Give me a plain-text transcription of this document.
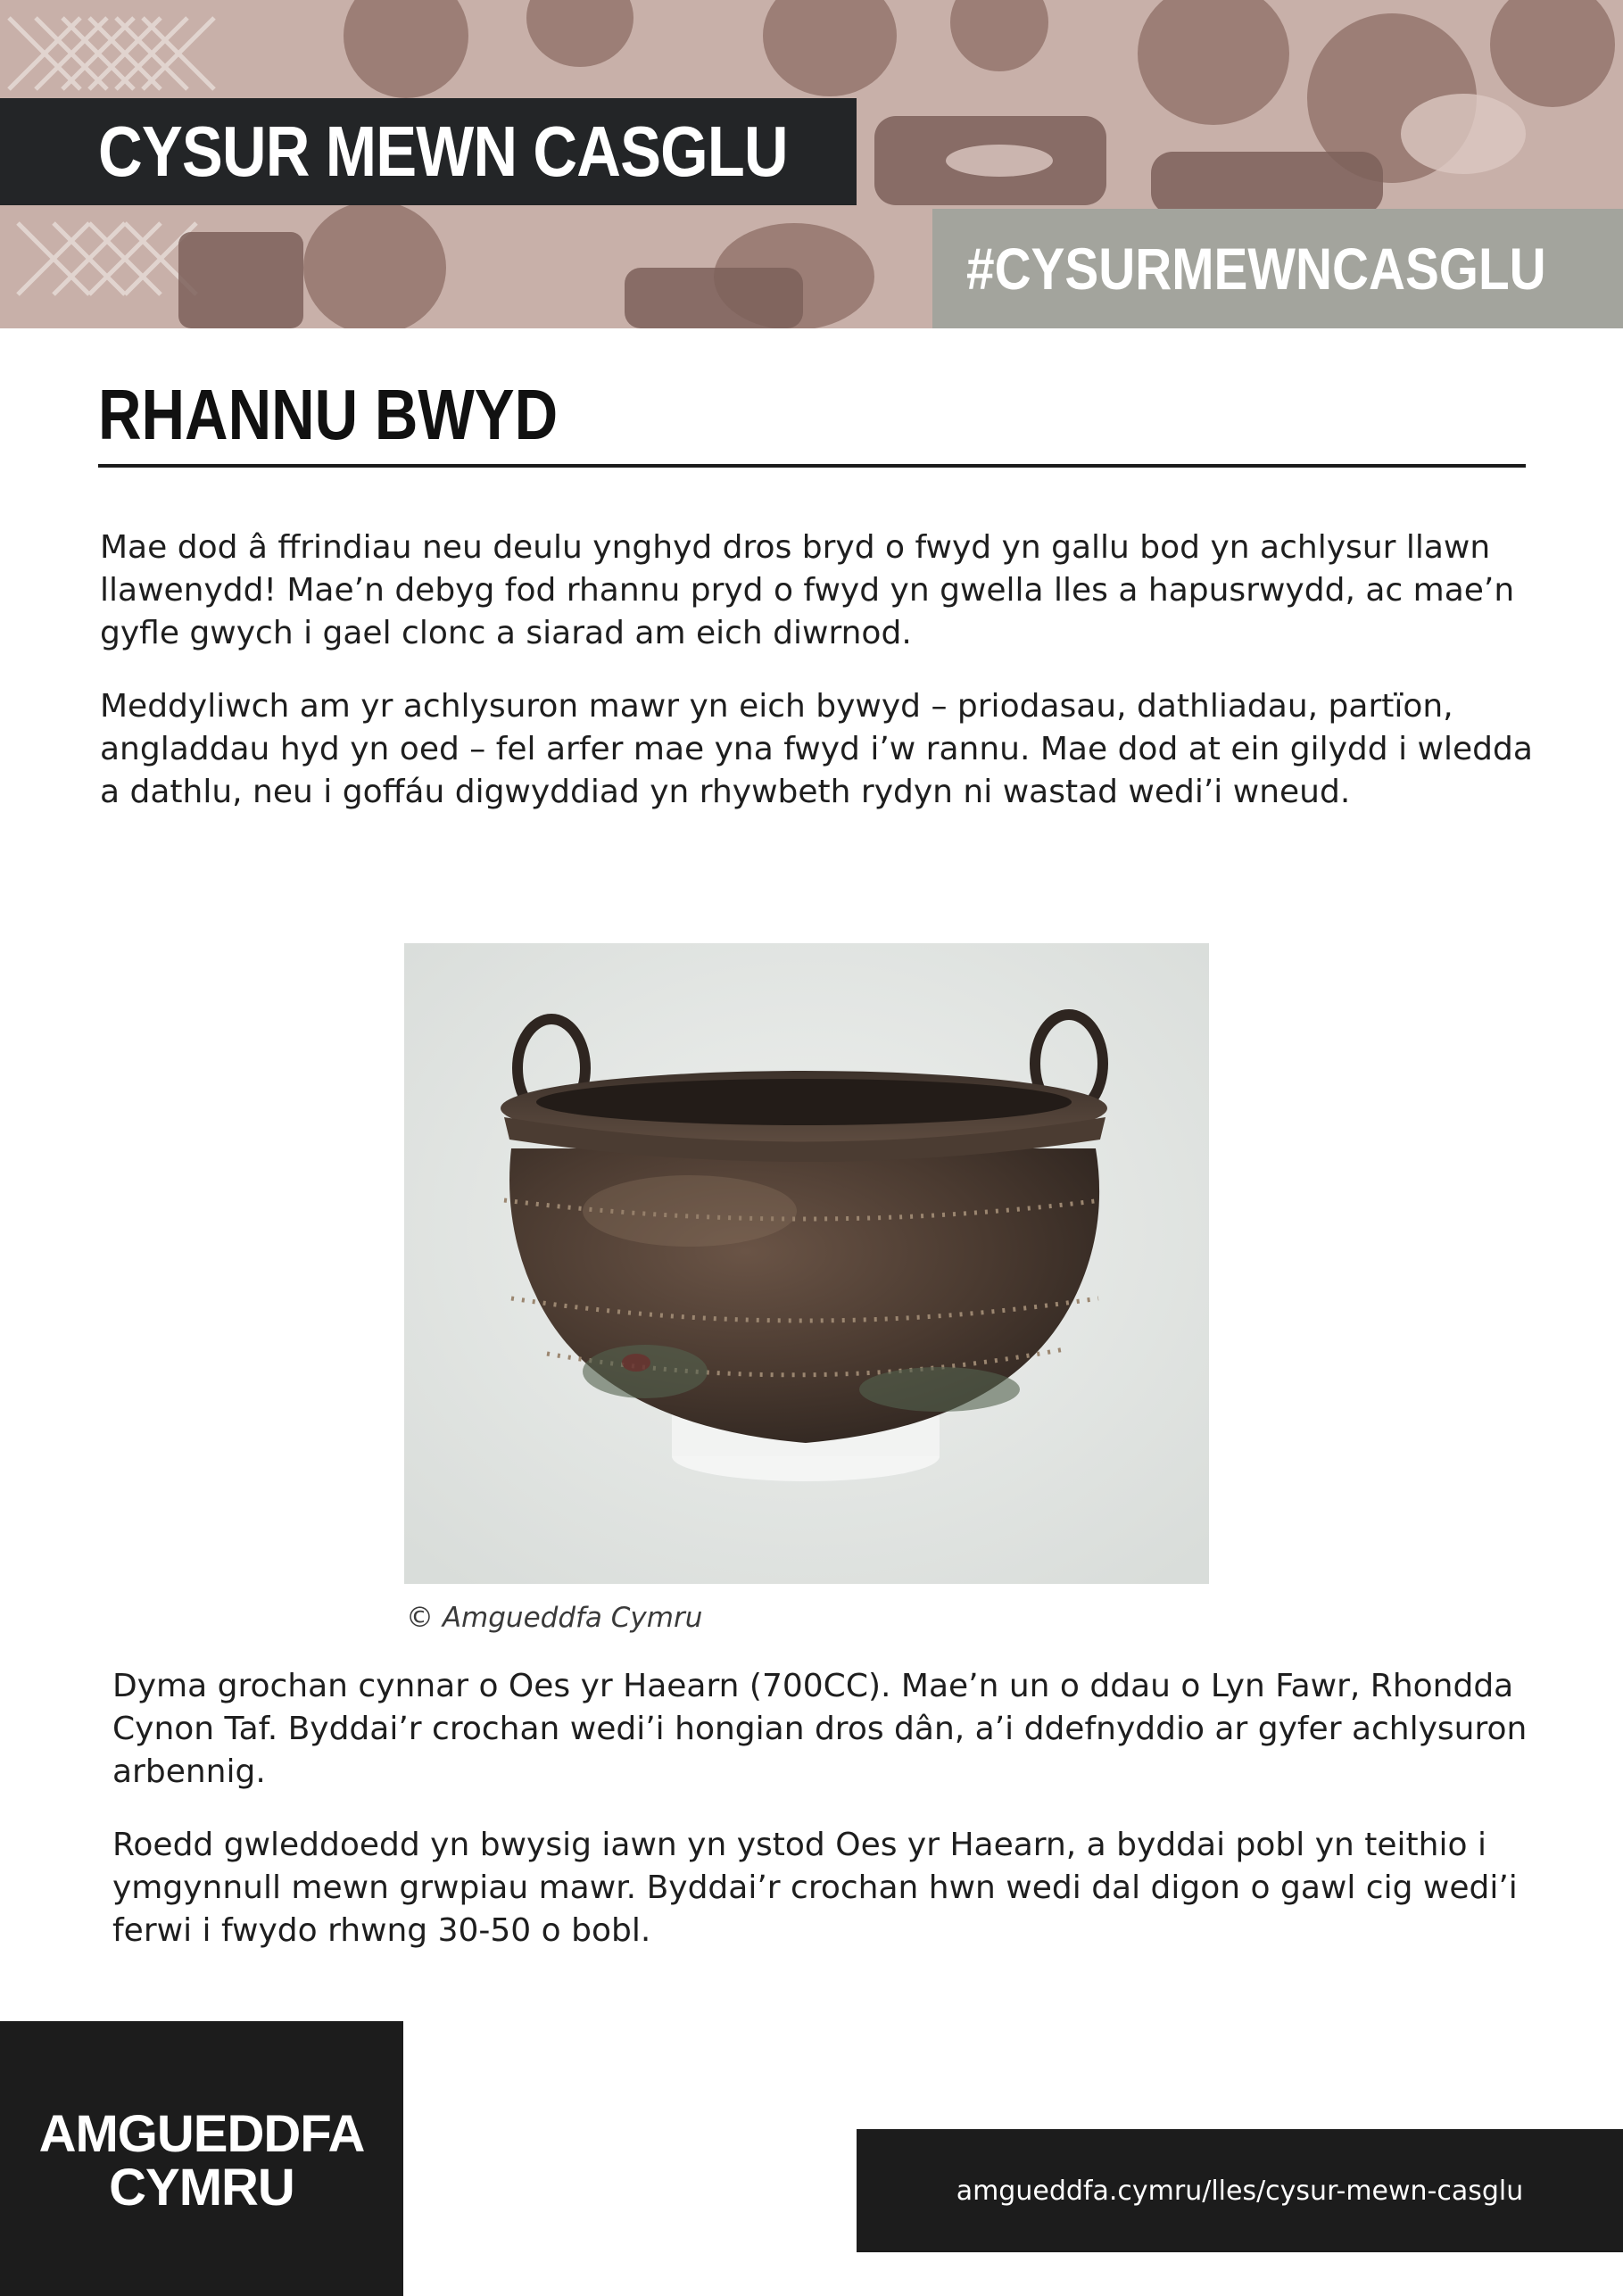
CYSUR MEWN CASGLU
#CYSURMEWNCASGLU
RHANNU BWYD

Mae dod â ffrindiau neu deulu ynghyd dros bryd o fwyd yn gallu bod yn achlysur llawn llawenydd! Mae’n debyg fod rhannu pryd o fwyd yn gwella lles a hapusrwydd, ac mae’n gyfle gwych i gael clonc a siarad am eich diwrnod.

Meddyliwch am yr achlysuron mawr yn eich bywyd – priodasau, dathliadau, partïon, angladdau hyd yn oed – fel arfer mae yna fwyd i’w rannu. Mae dod at ein gilydd i wledda a dathlu, neu i goffáu digwyddiad yn rhywbeth rydyn ni wastad wedi’i wneud.

© Amgueddfa Cymru

Dyma grochan cynnar o Oes yr Haearn (700CC). Mae’n un o ddau o Lyn Fawr, Rhondda Cynon Taf. Byddai’r crochan wedi’i hongian dros dân, a’i ddefnyddio ar gyfer achlysuron arbennig.

Roedd gwleddoedd yn bwysig iawn yn ystod Oes yr Haearn, a byddai pobl yn teithio i ymgynnull mewn grwpiau mawr. Byddai’r crochan hwn wedi dal digon o gawl cig wedi’i ferwi i fwydo rhwng 30-50 o bobl.

AMGUEDDFA
CYMRU	amgueddfa.cymru/lles/cysur-mewn-casglu
